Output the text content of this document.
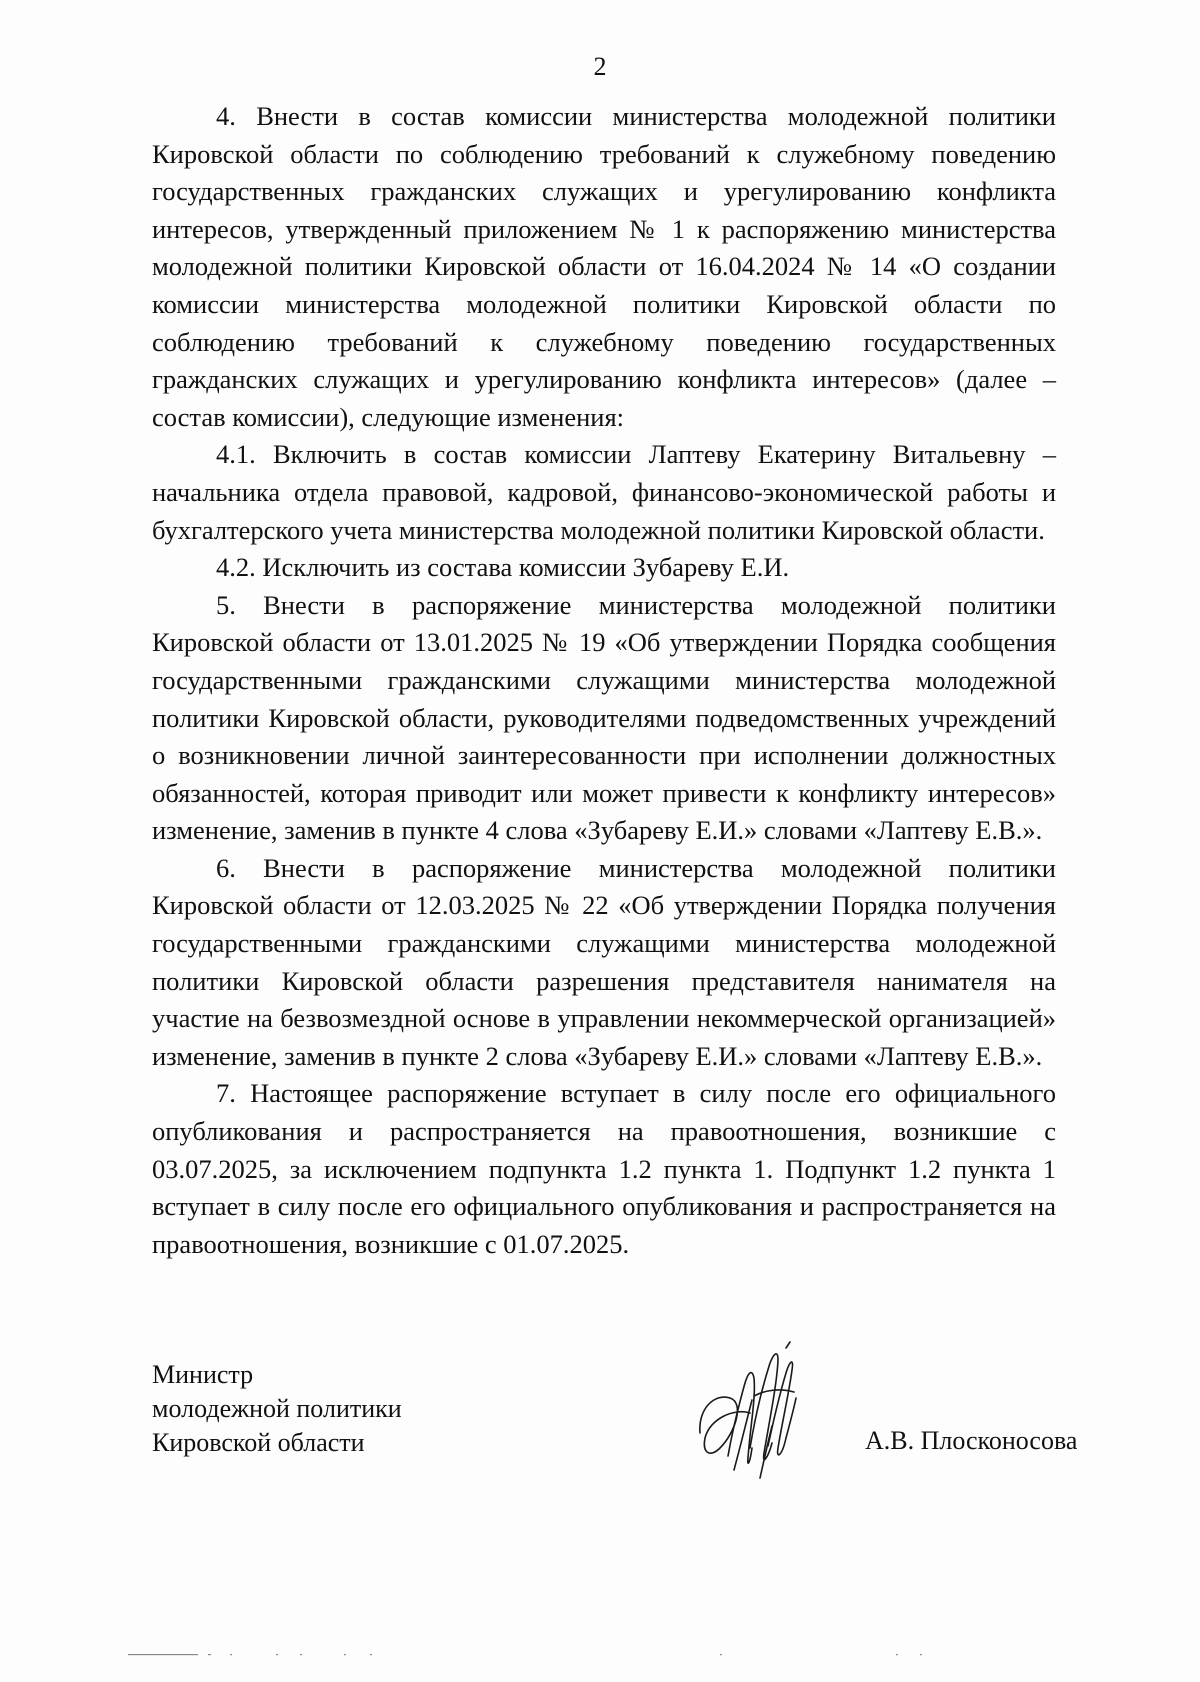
2

4. Внести в состав комиссии министерства молодежной политики Кировской области по соблюдению требований к служебному поведению государственных гражданских служащих и урегулированию конфликта интересов, утвержденный приложением № 1 к распоряжению министерства молодежной политики Кировской области от 16.04.2024 № 14 «О создании комиссии министерства молодежной политики Кировской области по соблюдению требований к служебному поведению государственных гражданских служащих и урегулированию конфликта интересов» (далее – состав комиссии), следующие изменения:

4.1. Включить в состав комиссии Лаптеву Екатерину Витальевну – начальника отдела правовой, кадровой, финансово-экономической работы и бухгалтерского учета министерства молодежной политики Кировской области.

4.2. Исключить из состава комиссии Зубареву Е.И.

5. Внести в распоряжение министерства молодежной политики Кировской области от 13.01.2025 № 19 «Об утверждении Порядка сообщения государственными гражданскими служащими министерства молодежной политики Кировской области, руководителями подведомственных учреждений о возникновении личной заинтересованности при исполнении должностных обязанностей, которая приводит или может привести к конфликту интересов» изменение, заменив в пункте 4 слова «Зубареву Е.И.» словами «Лаптеву Е.В.».

6. Внести в распоряжение министерства молодежной политики Кировской области от 12.03.2025 № 22 «Об утверждении Порядка получения государственными гражданскими служащими министерства молодежной политики Кировской области разрешения представителя нанимателя на участие на безвозмездной основе в управлении некоммерческой организацией» изменение, заменив в пункте 2 слова «Зубареву Е.И.» словами «Лаптеву Е.В.».

7. Настоящее распоряжение вступает в силу после его официального опубликования и распространяется на правоотношения, возникшие с 03.07.2025, за исключением подпункта 1.2 пункта 1. Подпункт 1.2 пункта 1 вступает в силу после его официального опубликования и распространяется на правоотношения, возникшие с 01.07.2025.

Министр
молодежной политики
Кировской области	А.В. Плосконосова
